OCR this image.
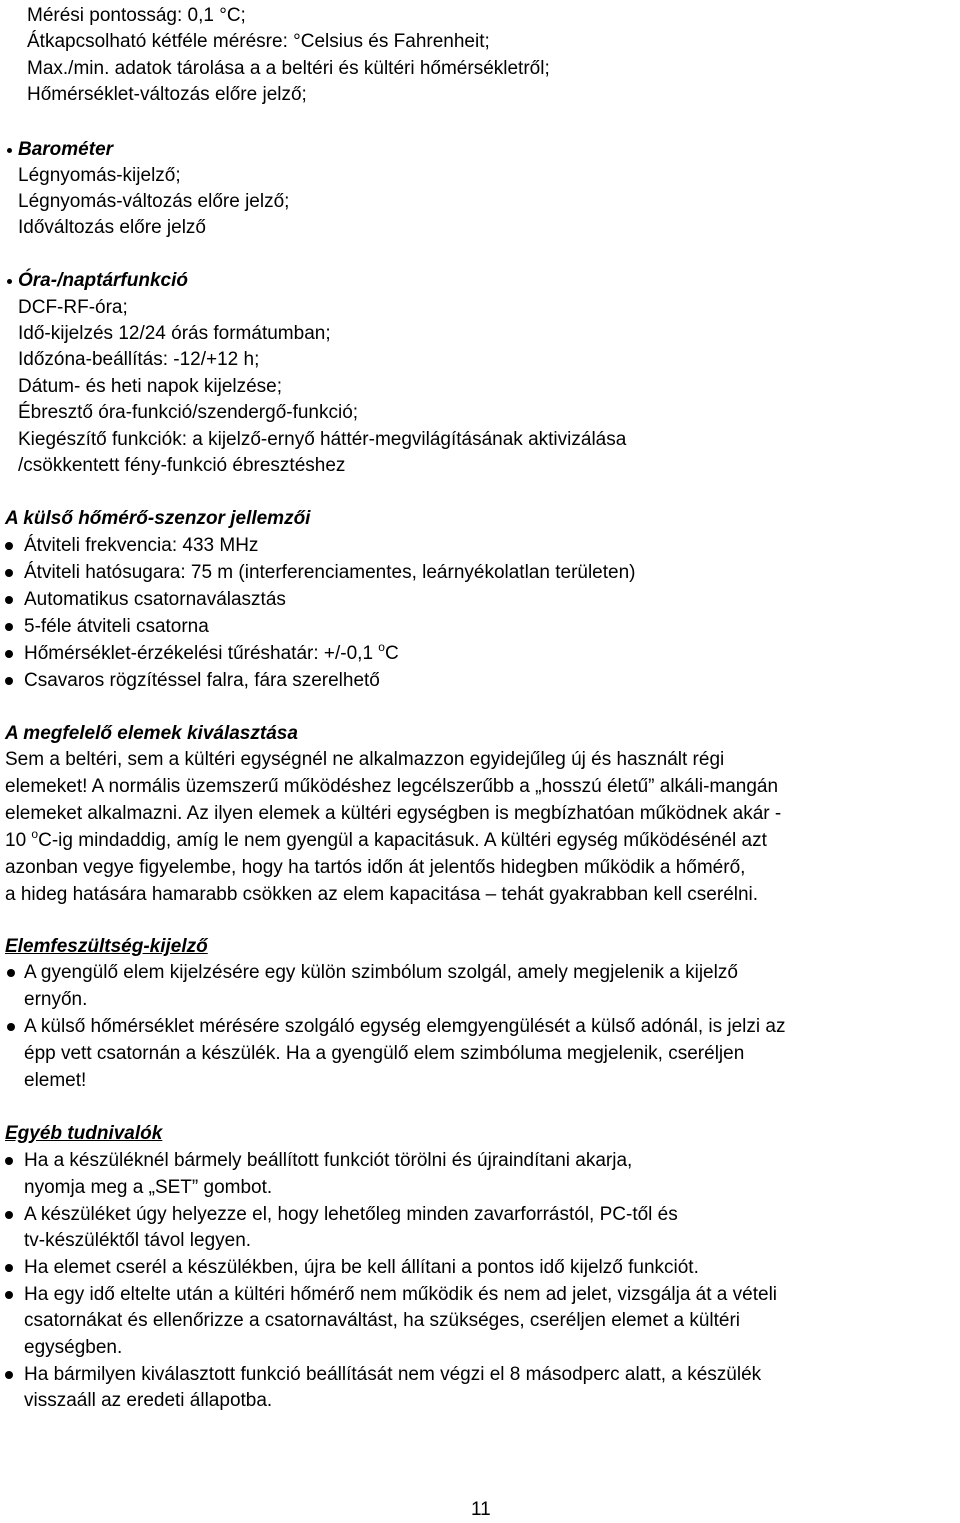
Mérési pontosság: 0,1 °C;
Átkapcsolható kétféle mérésre: °Celsius és Fahrenheit;
Max./min. adatok tárolása a a beltéri és kültéri hőmérsékletről;
Hőmérséklet-változás előre jelző;
Barométer
Légnyomás-kijelző;
Légnyomás-változás előre jelző;
Időváltozás előre jelző
Óra-/naptárfunkció
DCF-RF-óra;
Idő-kijelzés 12/24 órás formátumban;
Időzóna-beállítás: -12/+12 h;
Dátum- és heti napok kijelzése;
Ébresztő óra-funkció/szendergő-funkció;
Kiegészítő funkciók: a kijelző-ernyő háttér-megvilágításának aktivizálása
/csökkentett fény-funkció ébresztéshez
A külső hőmérő-szenzor jellemzői
Átviteli frekvencia: 433 MHz
Átviteli hatósugara: 75 m (interferenciamentes, leárnyékolatlan területen)
Automatikus csatornaválasztás
5-féle átviteli csatorna
Hőmérséklet-érzékelési tűréshatár: +/-0,1 $^o$C
Csavaros rögzítéssel falra, fára szerelhető
A megfelelő elemek kiválasztása
Sem a beltéri, sem a kültéri egységnél ne alkalmazzon egyidejűleg új és használt régi
elemeket! A normális üzemszerű működéshez legcélszerűbb a „hosszú életű” alkáli-mangán
elemeket alkalmazni. Az ilyen elemek a kültéri egységben is megbízhatóan működnek akár -
10 $^o$C-ig mindaddig, amíg le nem gyengül a kapacitásuk. A kültéri egység működésénél azt
azonban vegye figyelembe, hogy ha tartós időn át jelentős hidegben működik a hőmérő,
a hideg hatására hamarabb csökken az elem kapacitása – tehát gyakrabban kell cserélni.
Elemfeszültség-kijelző
A gyengülő elem kijelzésére egy külön szimbólum szolgál, amely megjelenik a kijelző
ernyőn.
A külső hőmérséklet mérésére szolgáló egység elemgyengülését a külső adónál, is jelzi az
épp vett csatornán a készülék. Ha a gyengülő elem szimbóluma megjelenik, cseréljen
elemet!
Egyéb tudnivalók
Ha a készüléknél bármely beállított funkciót törölni és újraindítani akarja,
nyomja meg a „SET” gombot.
A készüléket úgy helyezze el, hogy lehetőleg minden zavarforrástól, PC-től és
tv-készüléktől távol legyen.
Ha elemet cserél a készülékben, újra be kell állítani a pontos idő kijelző funkciót.
Ha egy idő eltelte után a kültéri hőmérő nem működik és nem ad jelet, vizsgálja át a vételi
csatornákat és ellenőrizze a csatornaváltást, ha szükséges, cseréljen elemet a kültéri
egységben.
Ha bármilyen kiválasztott funkció beállítását nem végzi el 8 másodperc alatt, a készülék
visszaáll az eredeti állapotba.
11
